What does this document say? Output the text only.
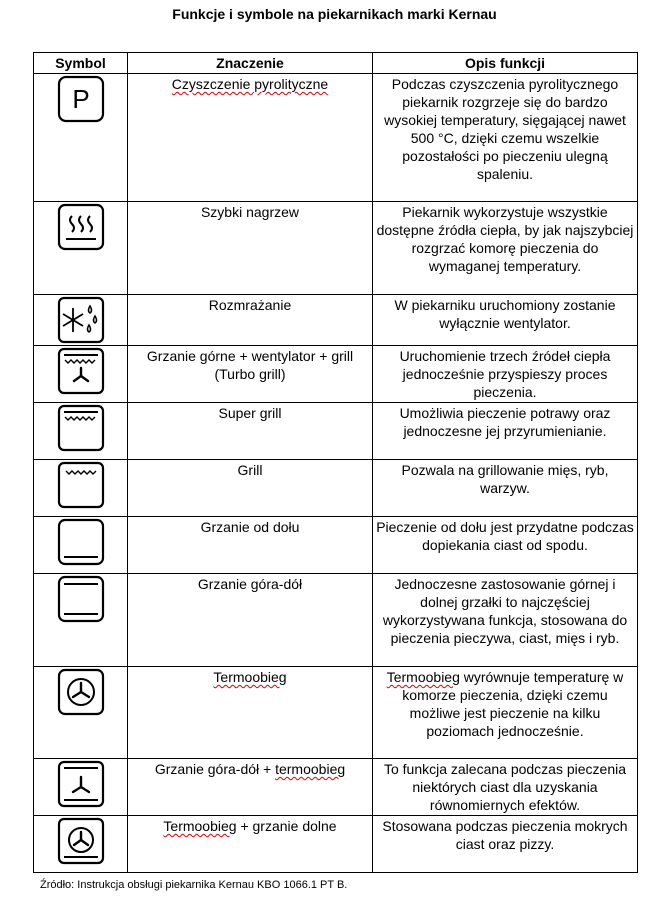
Funkcje i symbole na piekarnikach marki Kernau
Symbol	Znaczenie	Opis funkcji

P	Czyszczenie pyrolityczne	Podczas czyszczenia pyrolitycznego piekarnik rozgrzeje się do bardzo wysokiej temperatury, sięgającej nawet 500 °C, dzięki czemu wszelkie pozostałości po pieczeniu ulegną spaleniu.

	Szybki nagrzew	Piekarnik wykorzystuje wszystkie dostępne źródła ciepła, by jak najszybciej rozgrzać komorę pieczenia do wymaganej temperatury.

	Rozmrażanie	W piekarniku uruchomiony zostanie wyłącznie wentylator.

	Grzanie górne + wentylator + grill (Turbo grill)	Uruchomienie trzech źródeł ciepła jednocześnie przyspieszy proces pieczenia.

	Super grill	Umożliwia pieczenie potrawy oraz jednoczesne jej przyrumienianie.

	Grill	Pozwala na grillowanie mięs, ryb, warzyw.

	Grzanie od dołu	Pieczenie od dołu jest przydatne podczas dopiekania ciast od spodu.

	Grzanie góra-dół	Jednoczesne zastosowanie górnej i dolnej grzałki to najczęściej wykorzystywana funkcja, stosowana do pieczenia pieczywa, ciast, mięs i ryb.

	Termoobieg	Termoobieg wyrównuje temperaturę w komorze pieczenia, dzięki czemu możliwe jest pieczenie na kilku poziomach jednocześnie.

	Grzanie góra-dół + termoobieg	To funkcja zalecana podczas pieczenia niektórych ciast dla uzyskania równomiernych efektów.

	Termoobieg + grzanie dolne	Stosowana podczas pieczenia mokrych ciast oraz pizzy.
Źródło: Instrukcja obsługi piekarnika Kernau KBO 1066.1 PT B.
